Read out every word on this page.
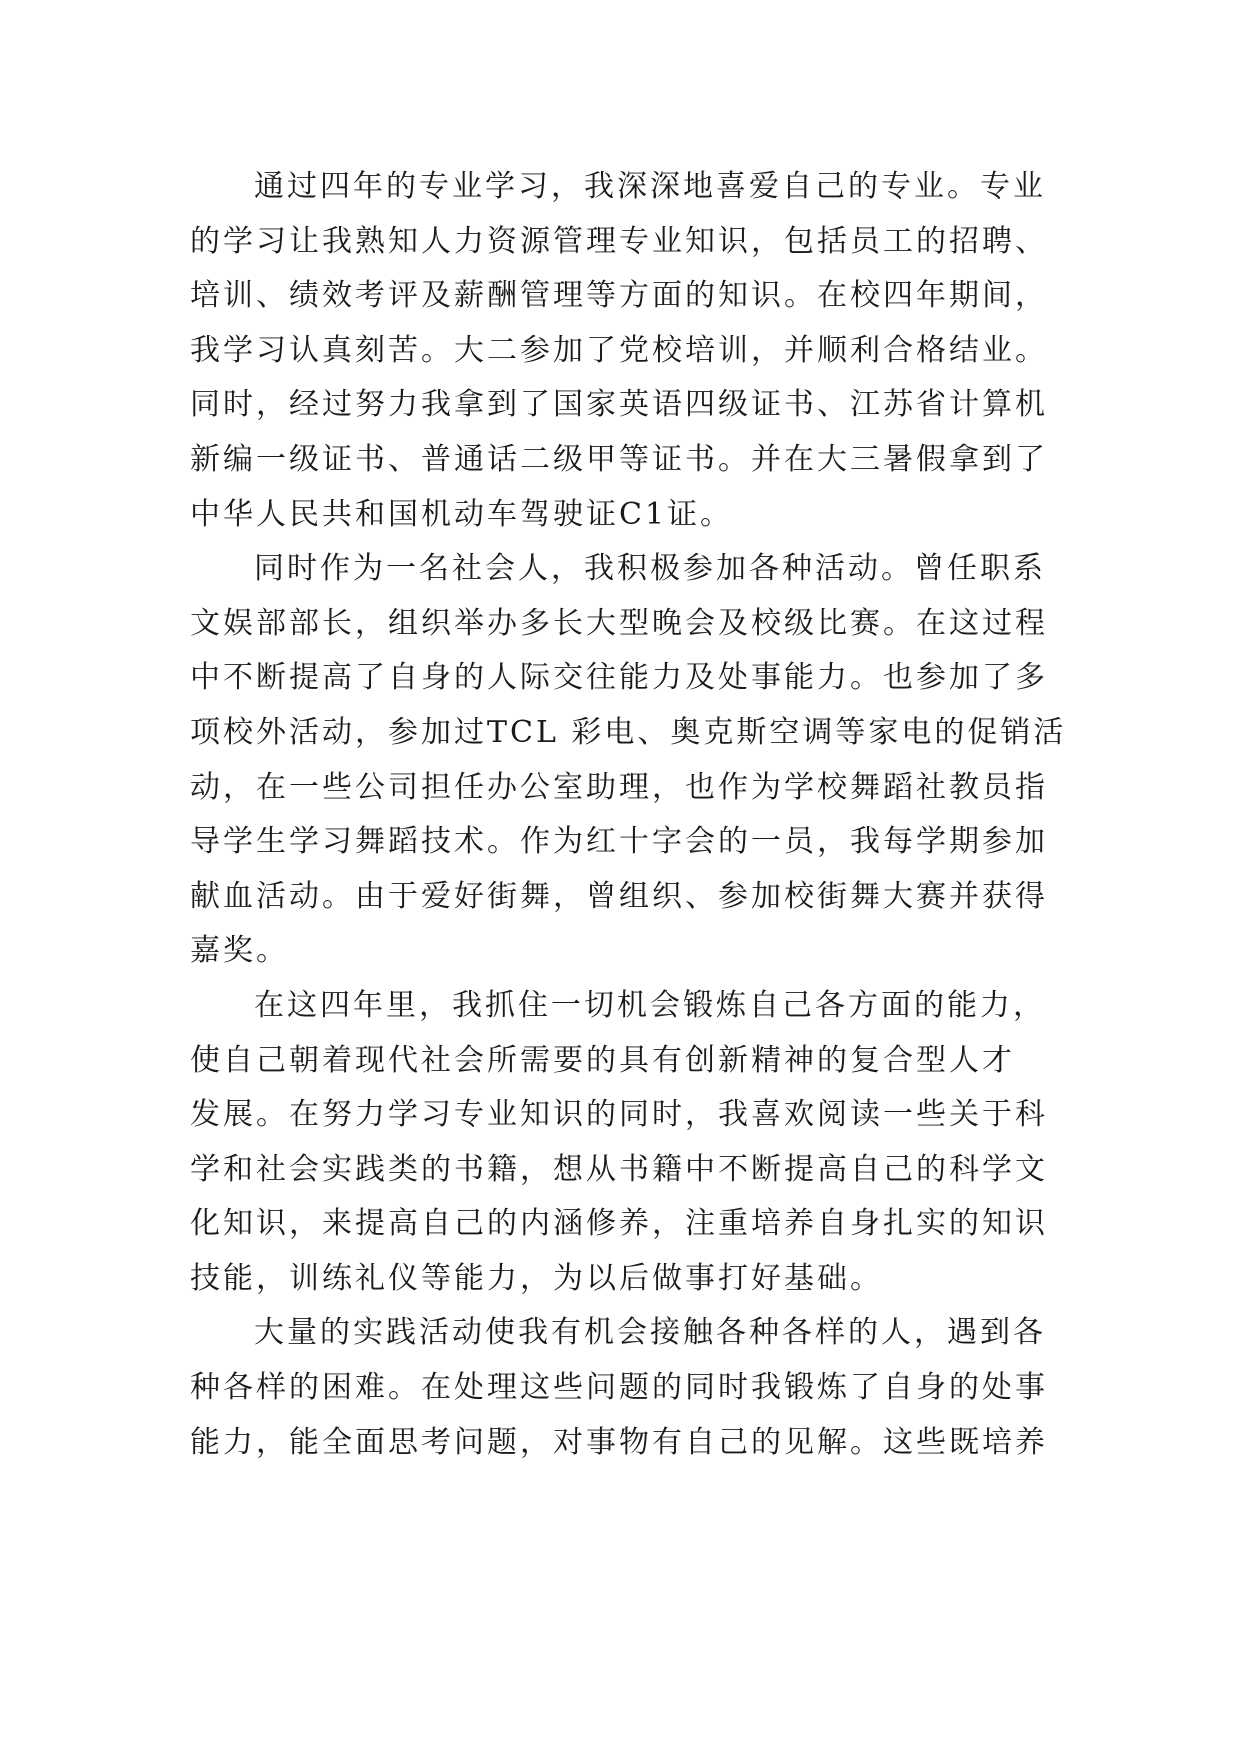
通过四年的专业学习，我深深地喜爱自己的专业。专业
的学习让我熟知人力资源管理专业知识，包括员工的招聘、
培训、绩效考评及薪酬管理等方面的知识。在校四年期间，
我学习认真刻苦。大二参加了党校培训，并顺利合格结业。
同时，经过努力我拿到了国家英语四级证书、江苏省计算机
新编一级证书、普通话二级甲等证书。并在大三暑假拿到了
中华人民共和国机动车驾驶证C1证。

同时作为一名社会人，我积极参加各种活动。曾任职系
文娱部部长，组织举办多长大型晚会及校级比赛。在这过程
中不断提高了自身的人际交往能力及处事能力。也参加了多
项校外活动，参加过TCL 彩电、奥克斯空调等家电的促销活
动，在一些公司担任办公室助理，也作为学校舞蹈社教员指
导学生学习舞蹈技术。作为红十字会的一员，我每学期参加
献血活动。由于爱好街舞，曾组织、参加校街舞大赛并获得
嘉奖。

在这四年里，我抓住一切机会锻炼自己各方面的能力，
使自己朝着现代社会所需要的具有创新精神的复合型人才
发展。在努力学习专业知识的同时，我喜欢阅读一些关于科
学和社会实践类的书籍，想从书籍中不断提高自己的科学文
化知识，来提高自己的内涵修养，注重培养自身扎实的知识
技能，训练礼仪等能力，为以后做事打好基础。

大量的实践活动使我有机会接触各种各样的人，遇到各
种各样的困难。在处理这些问题的同时我锻炼了自身的处事
能力，能全面思考问题，对事物有自己的见解。这些既培养
